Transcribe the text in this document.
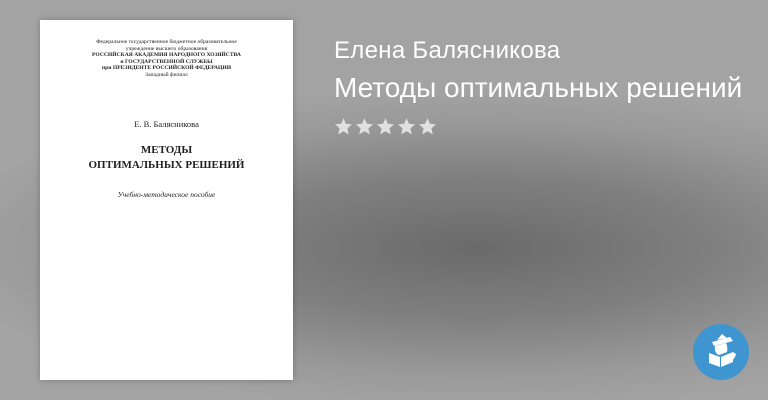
Федеральное государственное бюджетное образовательное
учреждение высшего образования
РОССИЙСКАЯ АКАДЕМИЯ НАРОДНОГО ХОЗЯЙСТВА
и ГОСУДАРСТВЕННОЙ СЛУЖБЫ
при ПРЕЗИДЕНТЕ РОССИЙСКОЙ ФЕДЕРАЦИИ
Западный филиал
Е. В. Балясникова
МЕТОДЫ
ОПТИМАЛЬНЫХ РЕШЕНИЙ
Учебно-методическое пособие
Елена Балясникова
Методы оптимальных решений
